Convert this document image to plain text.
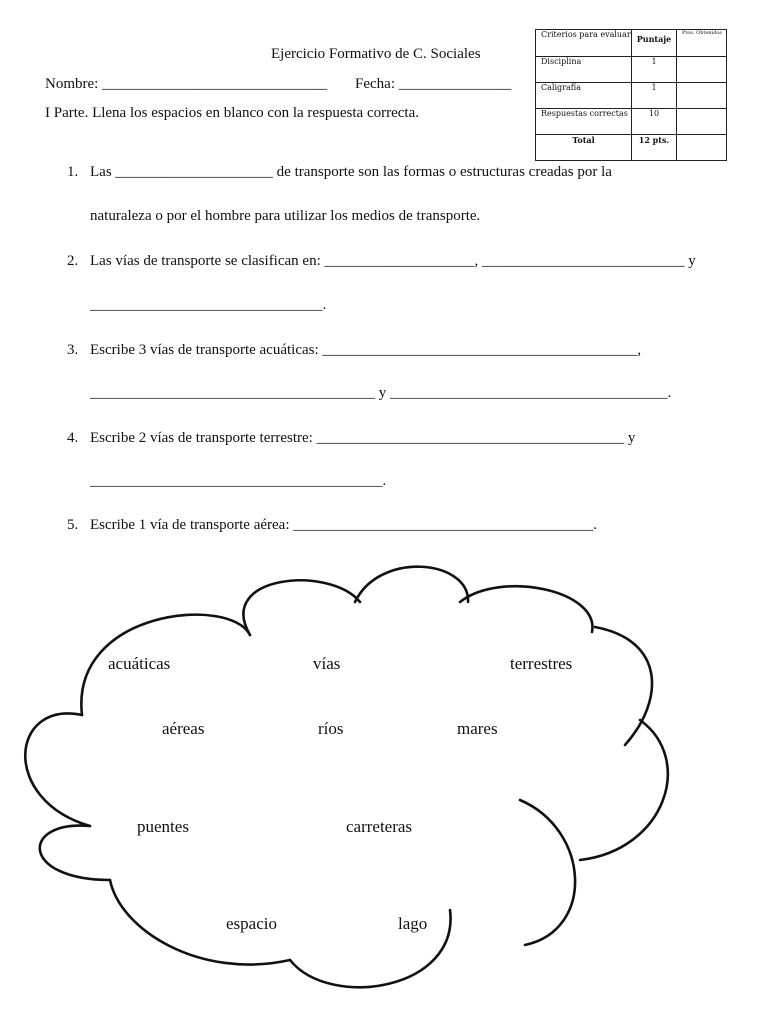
Ejercicio Formativo de C. Sociales
Nombre: ______________________________ Fecha: _______________
I Parte. Llena los espacios en blanco con la respuesta correcta.
Criterios para evaluar	Puntaje	Ptos. Obtenidos
Disciplina	1	
Caligrafía	1	
Respuestas correctas	10	
Total	12 pts.	
1. Las _____________________ de transporte son las formas o estructuras creadas por la
naturaleza o por el hombre para utilizar los medios de transporte.
2. Las vías de transporte se clasifican en: ____________________, ___________________________ y
_______________________________.
3. Escribe 3 vías de transporte acuáticas: __________________________________________,
______________________________________ y _____________________________________.
4. Escribe 2 vías de transporte terrestre: _________________________________________ y
_______________________________________.
5. Escribe 1 vía de transporte aérea: ________________________________________.
acuáticas	vías	terrestres
aéreas	ríos	mares
puentes	carreteras
espacio	lago
